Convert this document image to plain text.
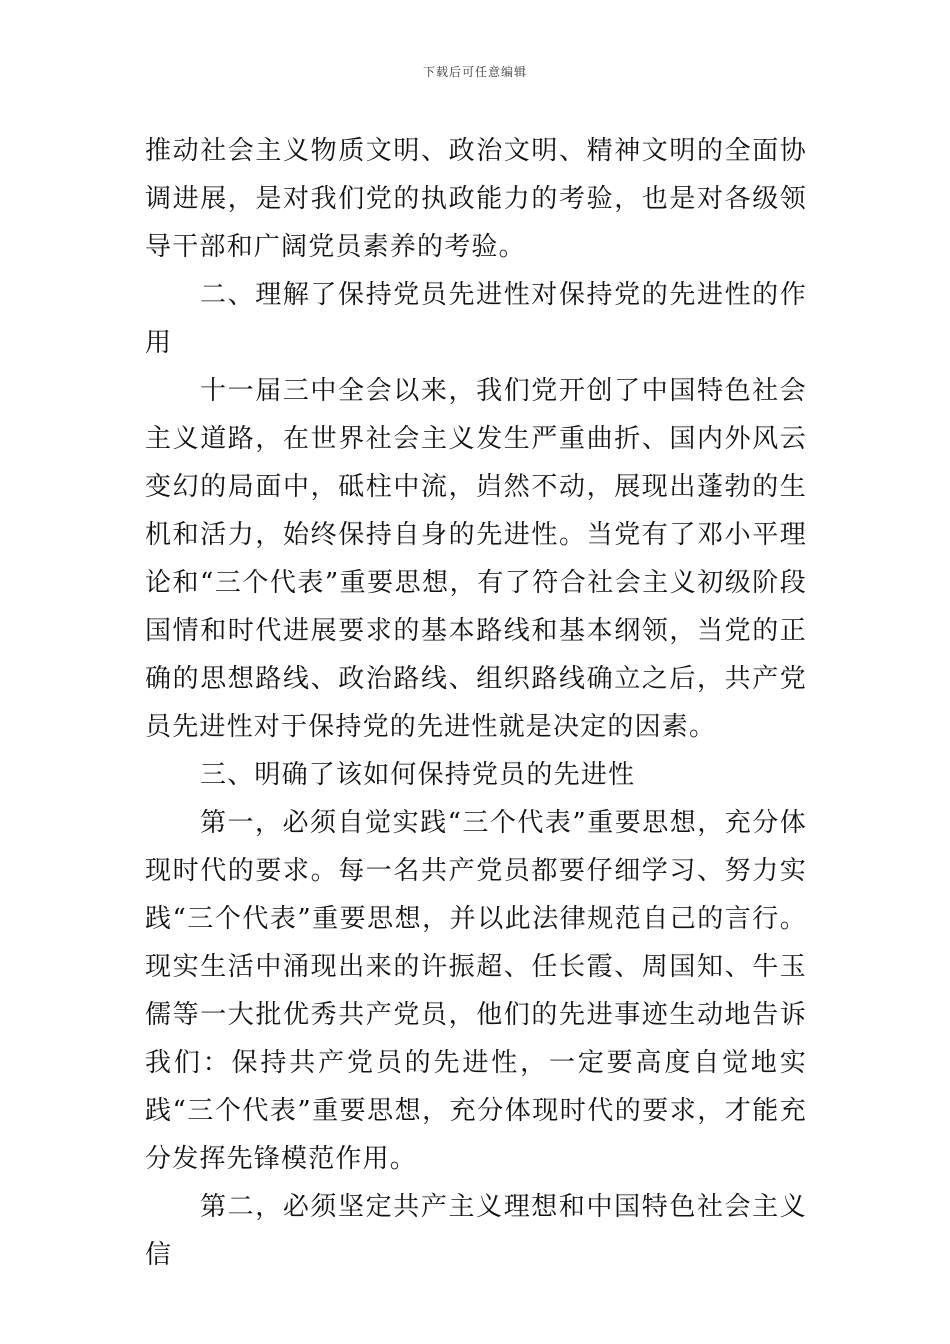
下载后可任意编辑

推动社会主义物质文明、政治文明、精神文明的全面协调进展，是对我们党的执政能力的考验，也是对各级领导干部和广阔党员素养的考验。

二、理解了保持党员先进性对保持党的先进性的作用

十一届三中全会以来，我们党开创了中国特色社会主义道路，在世界社会主义发生严重曲折、国内外风云变幻的局面中，砥柱中流，岿然不动，展现出蓬勃的生机和活力，始终保持自身的先进性。当党有了邓小平理论和“三个代表”重要思想，有了符合社会主义初级阶段国情和时代进展要求的基本路线和基本纲领，当党的正确的思想路线、政治路线、组织路线确立之后，共产党员先进性对于保持党的先进性就是决定的因素。

三、明确了该如何保持党员的先进性

第一，必须自觉实践“三个代表”重要思想，充分体现时代的要求。每一名共产党员都要仔细学习、努力实践“三个代表”重要思想，并以此法律规范自己的言行。现实生活中涌现出来的许振超、任长霞、周国知、牛玉儒等一大批优秀共产党员，他们的先进事迹生动地告诉我们：保持共产党员的先进性，一定要高度自觉地实践“三个代表”重要思想，充分体现时代的要求，才能充分发挥先锋模范作用。

第二，必须坚定共产主义理想和中国特色社会主义信
